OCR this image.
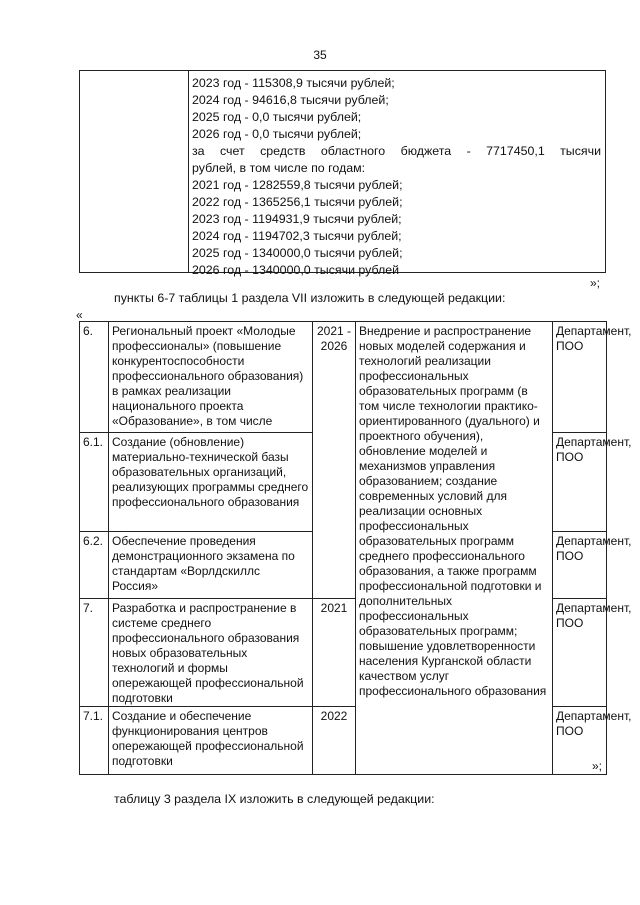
35
2023 год - 115308,9 тысячи рублей;
2024 год - 94616,8 тысячи рублей;
2025 год - 0,0 тысячи рублей;
2026 год - 0,0 тысячи рублей;
за счет средств областного бюджета - 7717450,1 тысячи
рублей, в том числе по годам:
2021 год - 1282559,8 тысячи рублей;
2022 год - 1365256,1 тысячи рублей;
2023 год - 1194931,9 тысячи рублей;
2024 год - 1194702,3 тысячи рублей;
2025 год - 1340000,0 тысячи рублей;
2026 год - 1340000,0 тысячи рублей
»;
пункты 6-7 таблицы 1 раздела VII изложить в следующей редакции:
«
6.	Региональный проект «Молодые профессионалы» (повышение конкурентоспособности профессионального образования) в рамках реализации национального проекта «Образование», в том числе	2021 - 2026	Внедрение и распространение новых моделей содержания и технологий реализации профессиональных образовательных программ (в том числе технологии практико-ориентированного (дуального) и проектного обучения), обновление моделей и механизмов управления образованием; создание современных условий для реализации основных профессиональных образовательных программ среднего профессионального образования, а также программ профессиональной подготовки и дополнительных профессиональных образовательных программ; повышение удовлетворенности населения Курганской области качеством услуг профессионального образования	Департамент, ПОО
6.1.	Создание (обновление) материально-технической базы образовательных организаций, реализующих программы среднего профессионального образования			Департамент, ПОО
6.2.	Обеспечение проведения демонстрационного экзамена по стандартам «Ворлдскиллс Россия»			Департамент, ПОО
7.	Разработка и распространение в системе среднего профессионального образования новых образовательных технологий и формы опережающей профессиональной подготовки	2021		Департамент, ПОО
7.1.	Создание и обеспечение функционирования центров опережающей профессиональной подготовки	2022		Департамент, ПОО
»;
таблицу 3 раздела IX изложить в следующей редакции:
